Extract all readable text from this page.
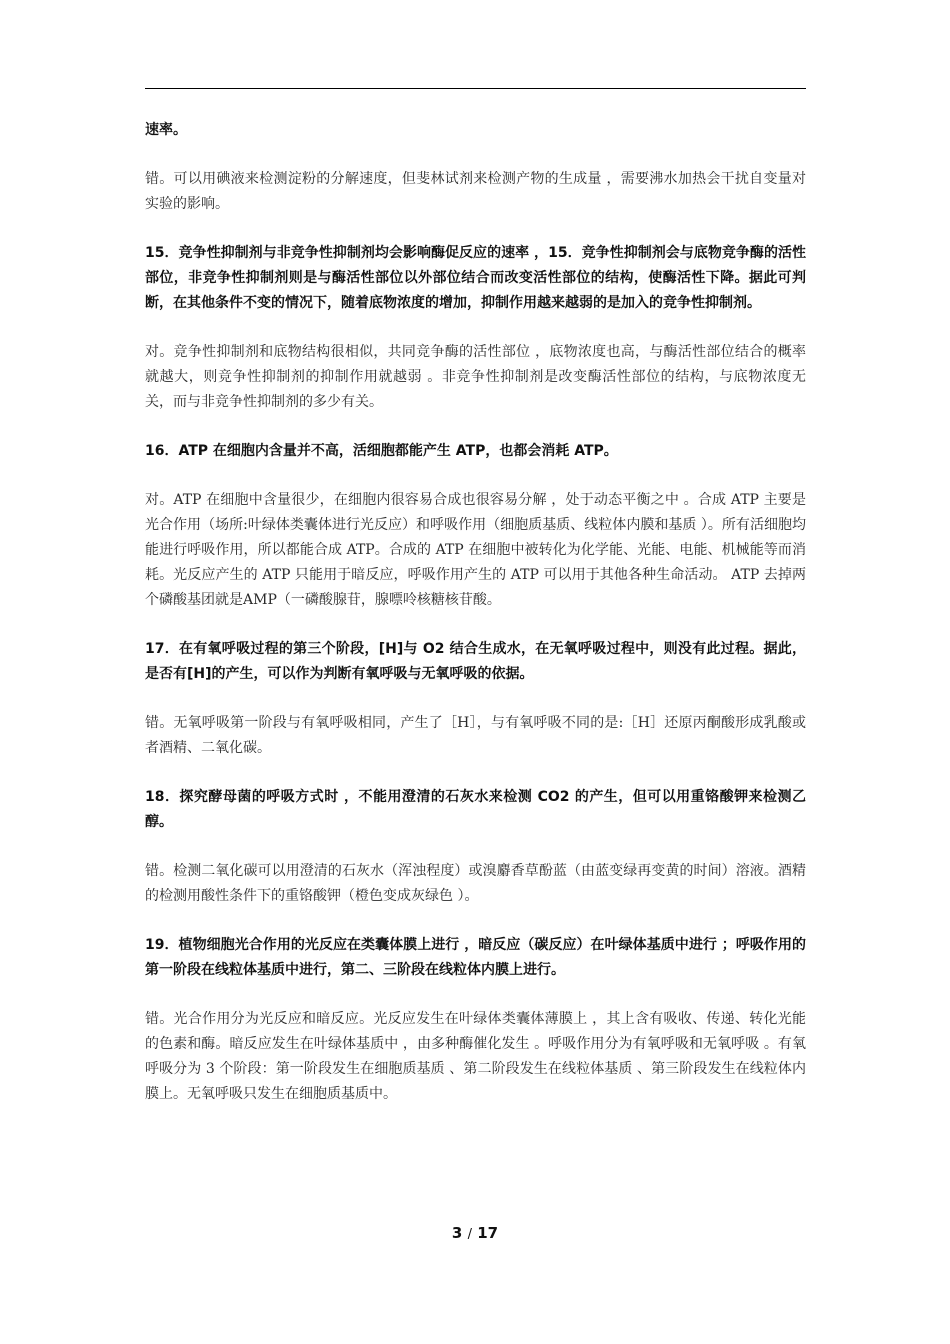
速率。

错。可以用碘液来检测淀粉的分解速度，但斐林试剂来检测产物的生成量 ，需要沸水加热会干扰自变量对实验的影响。

15．竞争性抑制剂与非竞争性抑制剂均会影响酶促反应的速率 ，15．竞争性抑制剂会与底物竞争酶的活性部位，非竞争性抑制剂则是与酶活性部位以外部位结合而改变活性部位的结构，使酶活性下降。据此可判断，在其他条件不变的情况下，随着底物浓度的增加，抑制作用越来越弱的是加入的竞争性抑制剂。

对。竞争性抑制剂和底物结构很相似，共同竞争酶的活性部位 ，底物浓度也高，与酶活性部位结合的概率就越大，则竞争性抑制剂的抑制作用就越弱 。非竞争性抑制剂是改变酶活性部位的结构，与底物浓度无关，而与非竞争性抑制剂的多少有关。

16．ATP 在细胞内含量并不高，活细胞都能产生 ATP，也都会消耗 ATP。

对。ATP 在细胞中含量很少，在细胞内很容易合成也很容易分解 ，处于动态平衡之中 。合成 ATP 主要是光合作用（场所:叶绿体类囊体进行光反应）和呼吸作用（细胞质基质、线粒体内膜和基质 ）。所有活细胞均能进行呼吸作用，所以都能合成 ATP。合成的 ATP 在细胞中被转化为化学能、光能、电能、机械能等而消耗。光反应产生的 ATP 只能用于暗反应，呼吸作用产生的 ATP 可以用于其他各种生命活动。 ATP 去掉两个磷酸基团就是AMP（一磷酸腺苷，腺嘌呤核糖核苷酸。

17．在有氧呼吸过程的第三个阶段，[H]与 O2 结合生成水，在无氧呼吸过程中，则没有此过程。据此，是否有[H]的产生，可以作为判断有氧呼吸与无氧呼吸的依据。

错。无氧呼吸第一阶段与有氧呼吸相同，产生了［H］，与有氧呼吸不同的是:［H］还原丙酮酸形成乳酸或者酒精、二氧化碳。

18．探究酵母菌的呼吸方式时 ，不能用澄清的石灰水来检测 CO2 的产生，但可以用重铬酸钾来检测乙醇。

错。检测二氧化碳可以用澄清的石灰水（浑浊程度）或溴麝香草酚蓝（由蓝变绿再变黄的时间）溶液。酒精的检测用酸性条件下的重铬酸钾（橙色变成灰绿色 ）。

19．植物细胞光合作用的光反应在类囊体膜上进行 ，暗反应（碳反应）在叶绿体基质中进行 ；呼吸作用的第一阶段在线粒体基质中进行，第二、三阶段在线粒体内膜上进行。

错。光合作用分为光反应和暗反应。光反应发生在叶绿体类囊体薄膜上 ，其上含有吸收、传递、转化光能的色素和酶。暗反应发生在叶绿体基质中 ，由多种酶催化发生 。呼吸作用分为有氧呼吸和无氧呼吸 。有氧呼吸分为 3 个阶段：第一阶段发生在细胞质基质 、第二阶段发生在线粒体基质 、第三阶段发生在线粒体内膜上。无氧呼吸只发生在细胞质基质中。

3 / 17
